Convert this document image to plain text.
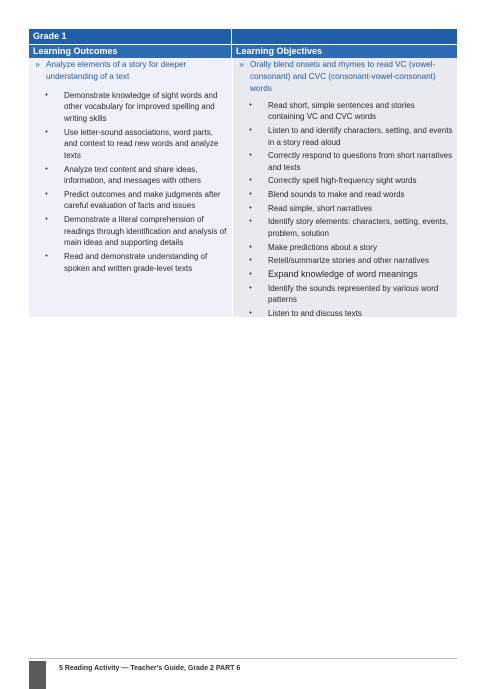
Grade 1
Learning Outcomes	Learning Objectives
» Analyze elements of a story for deeper understanding of a text
•	Demonstrate knowledge of sight words and other vocabulary for improved spelling and writing skills
•	Use letter-sound associations, word parts, and context to read new words and analyze texts
•	Analyze text content and share ideas, information, and messages with others
•	Predict outcomes and make judgments after careful evaluation of facts and issues
•	Demonstrate a literal comprehension of readings through identification and analysis of main ideas and supporting details
•	Read and demonstrate understanding of spoken and written grade-level texts
» Orally blend onsets and rhymes to read VC (vowel-consonant) and CVC (consonant-vowel-consonant) words
•	Read short, simple sentences and stories containing VC and CVC words
•	Listen to and identify characters, setting, and events in a story read aloud
•	Correctly respond to questions from short narratives and texts
•	Correctly spell high-frequency sight words
•	Blend sounds to make and read words
•	Read simple, short narratives
•	Identify story elements: characters, setting, events, problem, solution
•	Make predictions about a story
•	Retell/summarize stories and other narratives
•	Expand knowledge of word meanings
•	Identify the sounds represented by various word patterns
•	Listen to and discuss texts
5 Reading Activity — Teacher's Guide, Grade 2 PART 6
